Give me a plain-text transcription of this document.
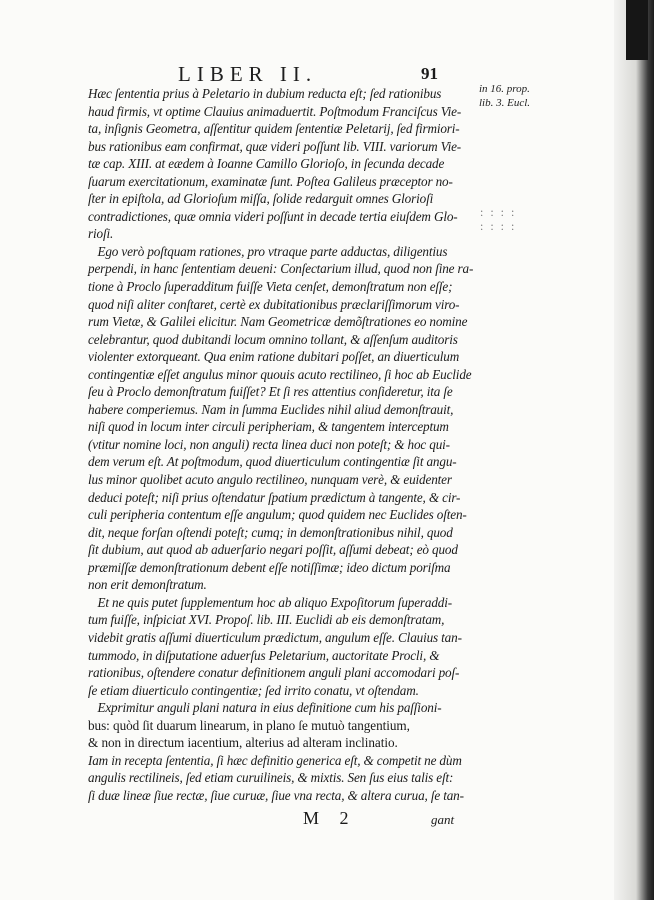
LIBER II.	91
in 16. prop.
lib. 3. Eucl.
: : : :
: : : :
Hæc ſententia prius à Peletario in dubium reducta eſt; ſed rationibus
haud firmis, vt optime Clauius animaduertit. Poſtmodum Franciſcus Vie-
ta, inſignis Geometra, aſſentitur quidem ſententiæ Peletarij, ſed firmiori-
bus rationibus eam confirmat, quæ videri poſſunt lib. VIII. variorum Vie-
tæ cap. XIII. at eædem à Ioanne Camillo Glorioſo, in ſecunda decade
ſuarum exercitationum, examinatæ ſunt. Poſtea Galileus præceptor no-
ſter in epiſtola, ad Glorioſum miſſa, ſolide redarguit omnes Glorioſi
contradictiones, quæ omnia videri poſſunt in decade tertia eiuſdem Glo-
rioſi.
Ego verò poſtquam rationes, pro vtraque parte adductas, diligentius
perpendi, in hanc ſententiam deueni: Conſectarium illud, quod non ſine ra-
tione à Proclo ſuperadditum fuiſſe Vieta cenſet, demonſtratum non eſſe;
quod niſi aliter conſtaret, certè ex dubitationibus præclariſſimorum viro-
rum Vietæ, & Galilei elicitur. Nam Geometricæ demõſtrationes eo nomine
celebrantur, quod dubitandi locum omnino tollant, & aſſenſum auditoris
violenter extorqueant. Qua enim ratione dubitari poſſet, an diuerticulum
contingentiæ eſſet angulus minor quouis acuto rectilineo, ſi hoc ab Euclide
ſeu à Proclo demonſtratum fuiſſet? Et ſi res attentius conſideretur, ita ſe
habere comperiemus. Nam in ſumma Euclides nihil aliud demonſtrauit,
niſi quod in locum inter circuli peripheriam, & tangentem interceptum
(vtitur nomine loci, non anguli) recta linea duci non poteſt; & hoc qui-
dem verum eſt. At poſtmodum, quod diuerticulum contingentiæ ſit angu-
lus minor quolibet acuto angulo rectilineo, nunquam verè, & euidenter
deduci poteſt; niſi prius oſtendatur ſpatium prædictum à tangente, & cir-
culi peripheria contentum eſſe angulum; quod quidem nec Euclides oſten-
dit, neque forſan oſtendi poteſt; cumq; in demonſtrationibus nihil, quod
ſit dubium, aut quod ab aduerſario negari poſſit, aſſumi debeat; eò quod
præmiſſæ demonſtrationum debent eſſe notiſſimæ; ideo dictum poriſma
non erit demonſtratum.
Et ne quis putet ſupplementum hoc ab aliquo Expoſitorum ſuperaddi-
tum fuiſſe, inſpiciat XVI. Propoſ. lib. III. Euclidi ab eis demonſtratam,
videbit gratis aſſumi diuerticulum prædictum, angulum eſſe. Clauius tan-
tummodo, in diſputatione aduerſus Peletarium, auctoritate Procli, &
rationibus, oſtendere conatur definitionem anguli plani accomodari poſ-
ſe etiam diuerticulo contingentiæ; ſed irrito conatu, vt oſtendam.
Exprimitur anguli plani natura in eius definitione cum his paſſioni-
bus: quòd ſit duarum linearum, in plano ſe mutuò tangentium,
& non in directum iacentium, alterius ad alteram inclinatio.
Iam in recepta ſententia, ſi hæc definitio generica eſt, & competit ne dùm
angulis rectilineis, ſed etiam curuilineis, & mixtis. Sen ſus eius talis eſt:
ſi duæ lineæ ſiue rectæ, ſiue curuæ, ſiue vna recta, & altera curua, ſe tan-
M 2	gant
